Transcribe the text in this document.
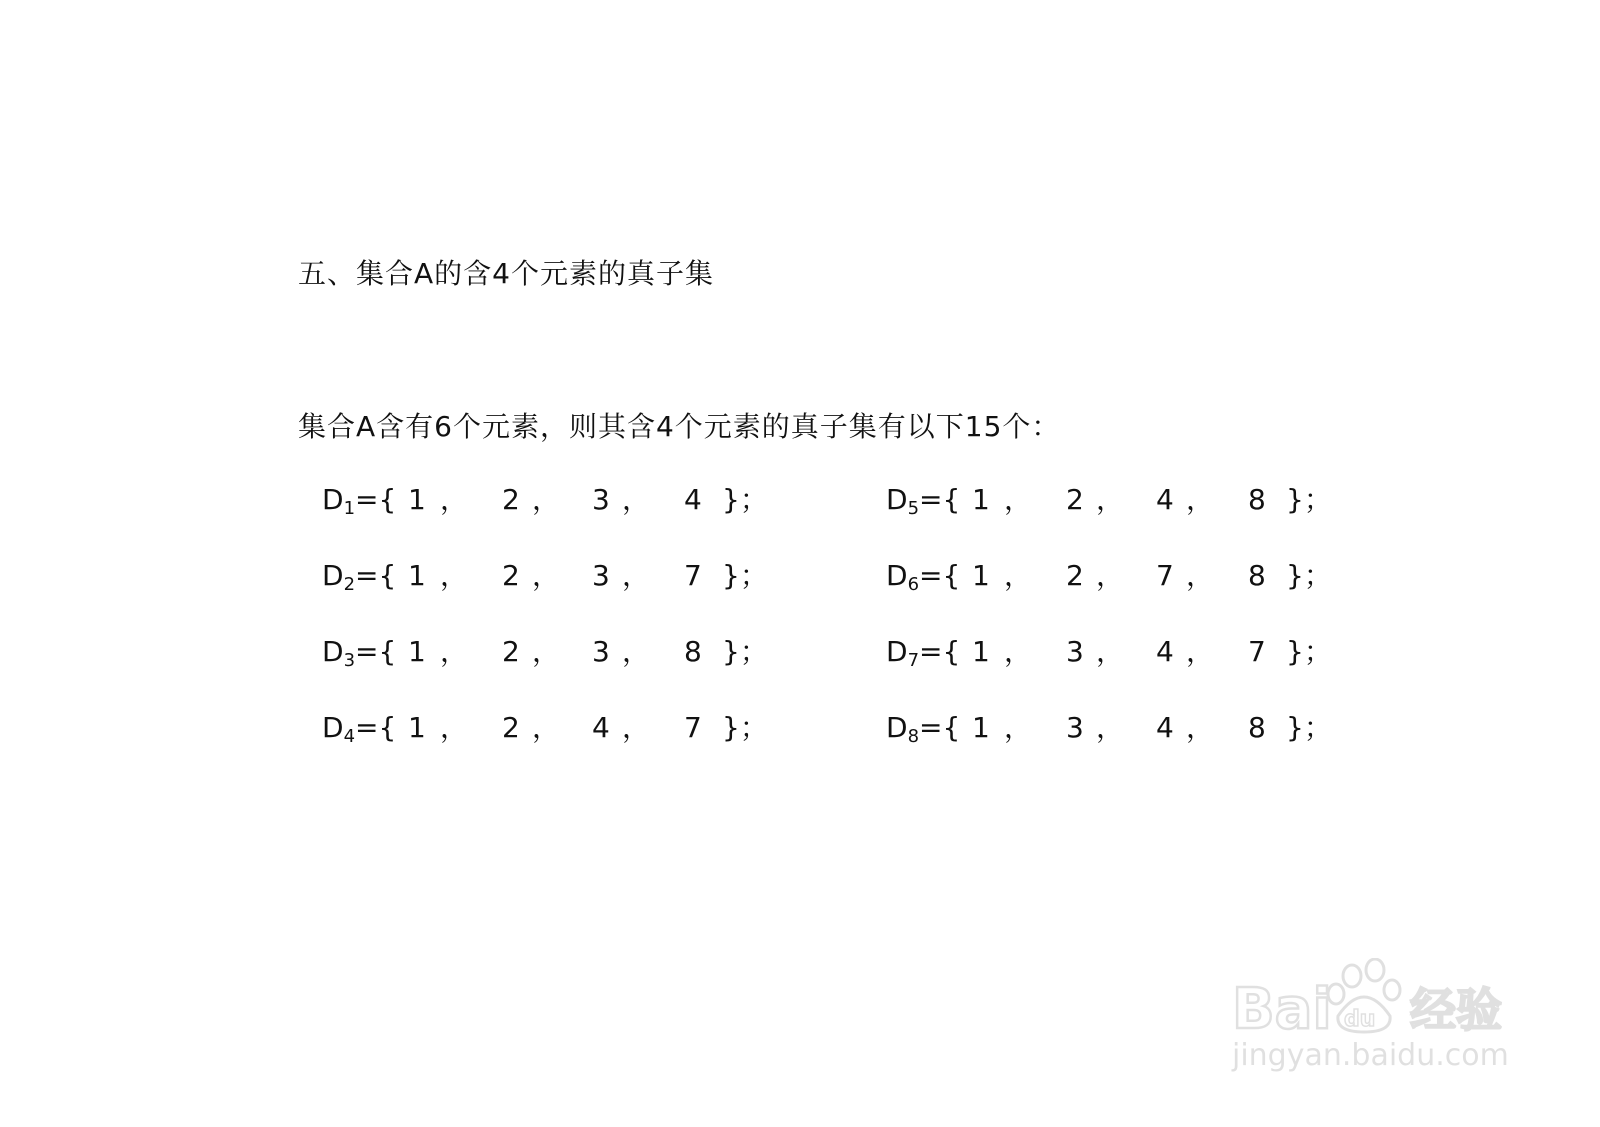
五、集合A的含4个元素的真子集
集合A含有6个元素，则其含4个元素的真子集有以下15个：
$D_1=${ 1 ， 2 ， 3 ， 4 }；
$D_2=${ 1 ， 2 ， 3 ， 7 }；
$D_3=${ 1 ， 2 ， 3 ， 8 }；
$D_4=${ 1 ， 2 ， 4 ， 7 }；
$D_5=${ 1 ， 2 ， 4 ， 8 }；
$D_6=${ 1 ， 2 ， 7 ， 8 }；
$D_7=${ 1 ， 3 ， 4 ， 7 }；
$D_8=${ 1 ， 3 ， 4 ， 8 }；
Bai du 经验
jingyan.baidu.com
